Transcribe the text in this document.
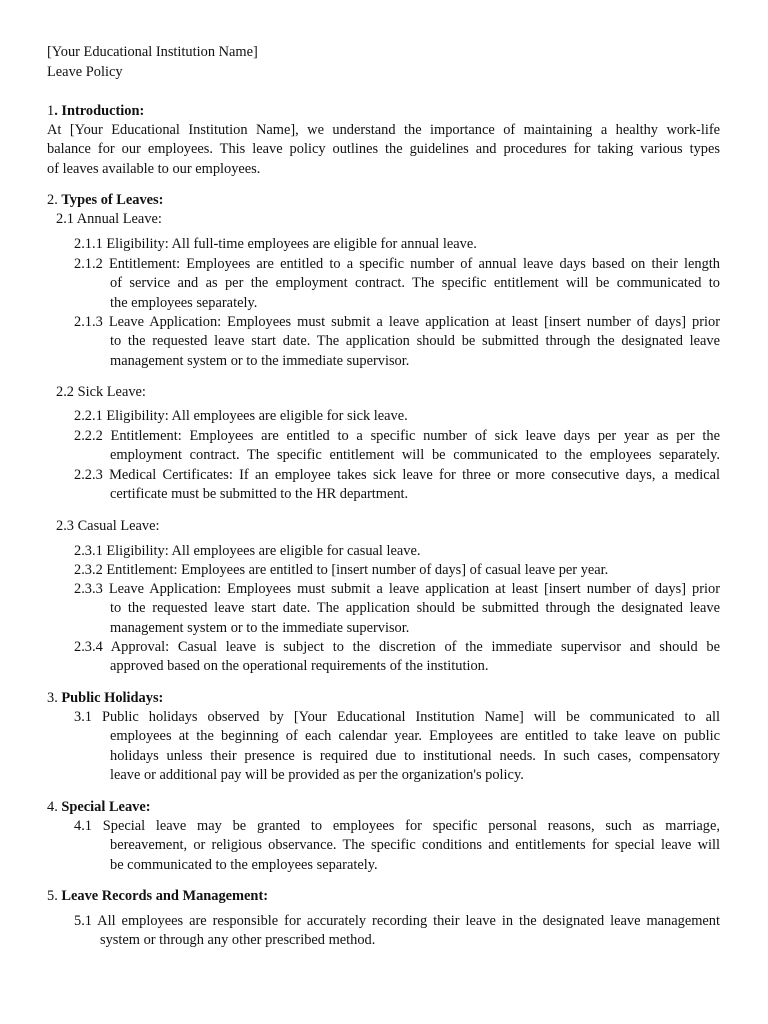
[Your Educational Institution Name]

Leave Policy

1. Introduction:

At [Your Educational Institution Name], we understand the importance of maintaining a healthy work-life
balance for our employees. This leave policy outlines the guidelines and procedures for taking various types
of leaves available to our employees.

2. Types of Leaves:

2.1 Annual Leave:

2.1.1 Eligibility: All full-time employees are eligible for annual leave.
2.1.2 Entitlement: Employees are entitled to a specific number of annual leave days based on their length
of service and as per the employment contract. The specific entitlement will be communicated to
the employees separately.
2.1.3 Leave Application: Employees must submit a leave application at least [insert number of days] prior
to the requested leave start date. The application should be submitted through the designated leave
management system or to the immediate supervisor.

2.2 Sick Leave:

2.2.1 Eligibility: All employees are eligible for sick leave.
2.2.2 Entitlement: Employees are entitled to a specific number of sick leave days per year as per the
employment contract. The specific entitlement will be communicated to the employees separately.
2.2.3 Medical Certificates: If an employee takes sick leave for three or more consecutive days, a medical
certificate must be submitted to the HR department.

2.3 Casual Leave:

2.3.1 Eligibility: All employees are eligible for casual leave.
2.3.2 Entitlement: Employees are entitled to [insert number of days] of casual leave per year.
2.3.3 Leave Application: Employees must submit a leave application at least [insert number of days] prior
to the requested leave start date. The application should be submitted through the designated leave
management system or to the immediate supervisor.
2.3.4 Approval: Casual leave is subject to the discretion of the immediate supervisor and should be
approved based on the operational requirements of the institution.

3. Public Holidays:

3.1 Public holidays observed by [Your Educational Institution Name] will be communicated to all
employees at the beginning of each calendar year. Employees are entitled to take leave on public
holidays unless their presence is required due to institutional needs. In such cases, compensatory
leave or additional pay will be provided as per the organization's policy.

4. Special Leave:

4.1 Special leave may be granted to employees for specific personal reasons, such as marriage,
bereavement, or religious observance. The specific conditions and entitlements for special leave will
be communicated to the employees separately.

5. Leave Records and Management:

5.1 All employees are responsible for accurately recording their leave in the designated leave management
system or through any other prescribed method.
